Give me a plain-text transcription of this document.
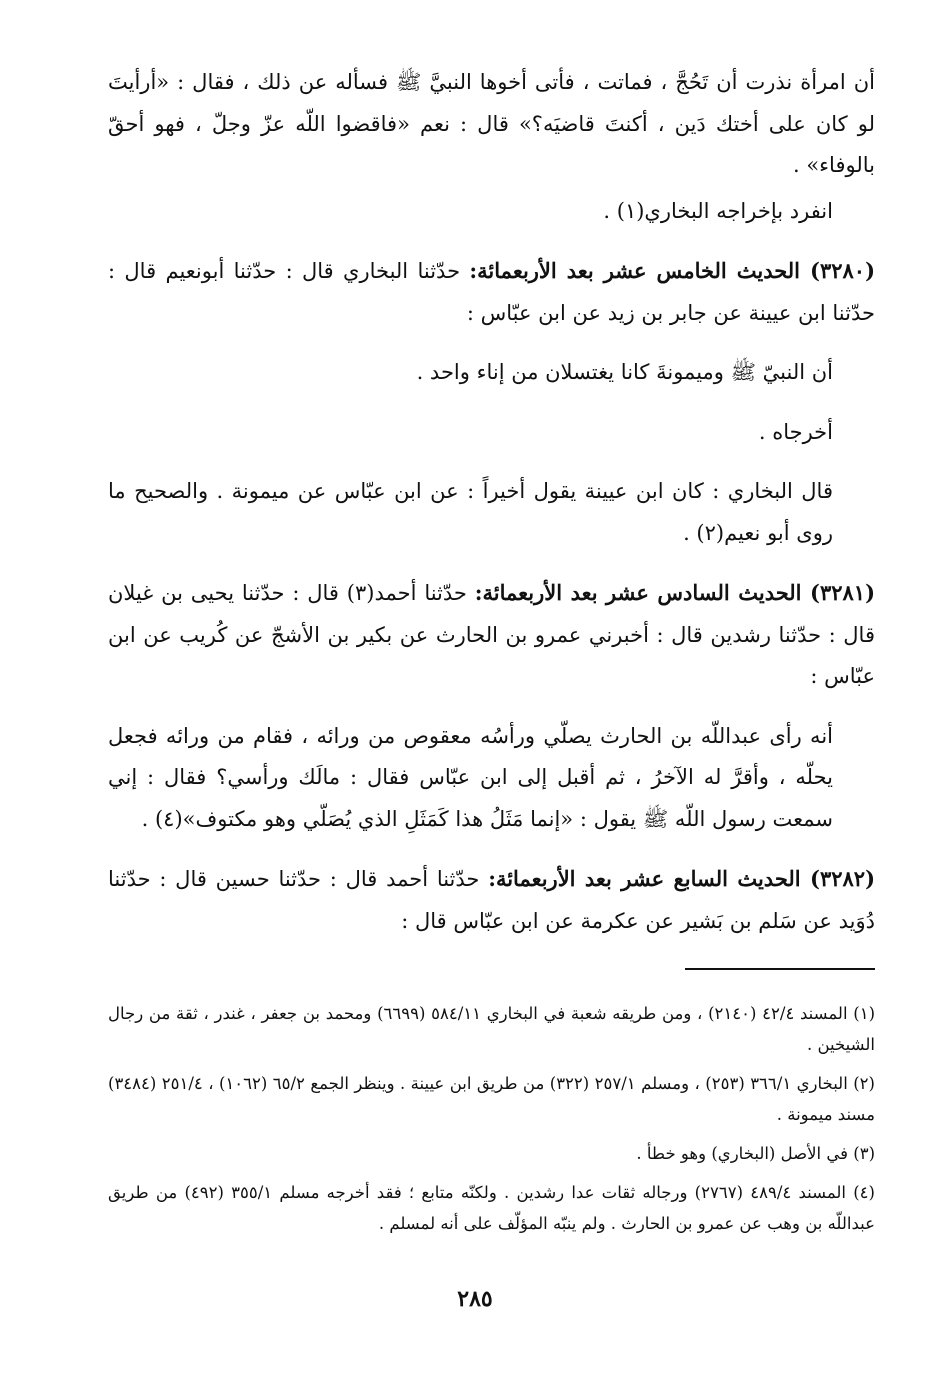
أن امرأة نذرت أن تَحُجَّ ، فماتت ، فأتى أخوها النبيَّ ﷺ فسأله عن ذلك ، فقال : «أرأيتَ لو كان على أختك دَين ، أكنتَ قاضيَه؟» قال : نعم «فاقضوا اللّه عزّ وجلّ ، فهو أحقّ بالوفاء» .

انفرد بإخراجه البخاري(١) .

(٣٢٨٠) الحديث الخامس عشر بعد الأربعمائة: حدّثنا البخاري قال : حدّثنا أبونعيم قال : حدّثنا ابن عيينة عن جابر بن زيد عن ابن عبّاس :

أن النبيّ ﷺ وميمونةَ كانا يغتسلان من إناء واحد .

أخرجاه .

قال البخاري : كان ابن عيينة يقول أخيراً : عن ابن عبّاس عن ميمونة . والصحيح ما روى أبو نعيم(٢) .

(٣٢٨١) الحديث السادس عشر بعد الأربعمائة: حدّثنا أحمد(٣) قال : حدّثنا يحيى بن غيلان قال : حدّثنا رشدين قال : أخبرني عمرو بن الحارث عن بكير بن الأشجّ عن كُريب عن ابن عبّاس :

أنه رأى عبداللّه بن الحارث يصلّي ورأسُه معقوص من ورائه ، فقام من ورائه فجعل يحلّه ، وأقرَّ له الآخرُ ، ثم أقبل إلى ابن عبّاس فقال : مالَك ورأسي؟ فقال : إني سمعت رسول اللّه ﷺ يقول : «إنما مَثَلُ هذا كَمَثَلِ الذي يُصَلّي وهو مكتوف»(٤) .

(٣٢٨٢) الحديث السابع عشر بعد الأربعمائة: حدّثنا أحمد قال : حدّثنا حسين قال : حدّثنا دُوَيد عن سَلم بن بَشير عن عكرمة عن ابن عبّاس قال :

(١) المسند ٤٢/٤ (٢١٤٠) ، ومن طريقه شعبة في البخاري ٥٨٤/١١ (٦٦٩٩) ومحمد بن جعفر ، غندر ، ثقة من رجال الشيخين .

(٢) البخاري ٣٦٦/١ (٢٥٣) ، ومسلم ٢٥٧/١ (٣٢٢) من طريق ابن عيينة . وينظر الجمع ٦٥/٢ (١٠٦٢) ، ٢٥١/٤ (٣٤٨٤) مسند ميمونة .

(٣) في الأصل (البخاري) وهو خطأ .

(٤) المسند ٤٨٩/٤ (٢٧٦٧) ورجاله ثقات عدا رشدين . ولكنّه متابع ؛ فقد أخرجه مسلم ٣٥٥/١ (٤٩٢) من طريق عبداللّه بن وهب عن عمرو بن الحارث . ولم ينبّه المؤلّف على أنه لمسلم .

٢٨٥
